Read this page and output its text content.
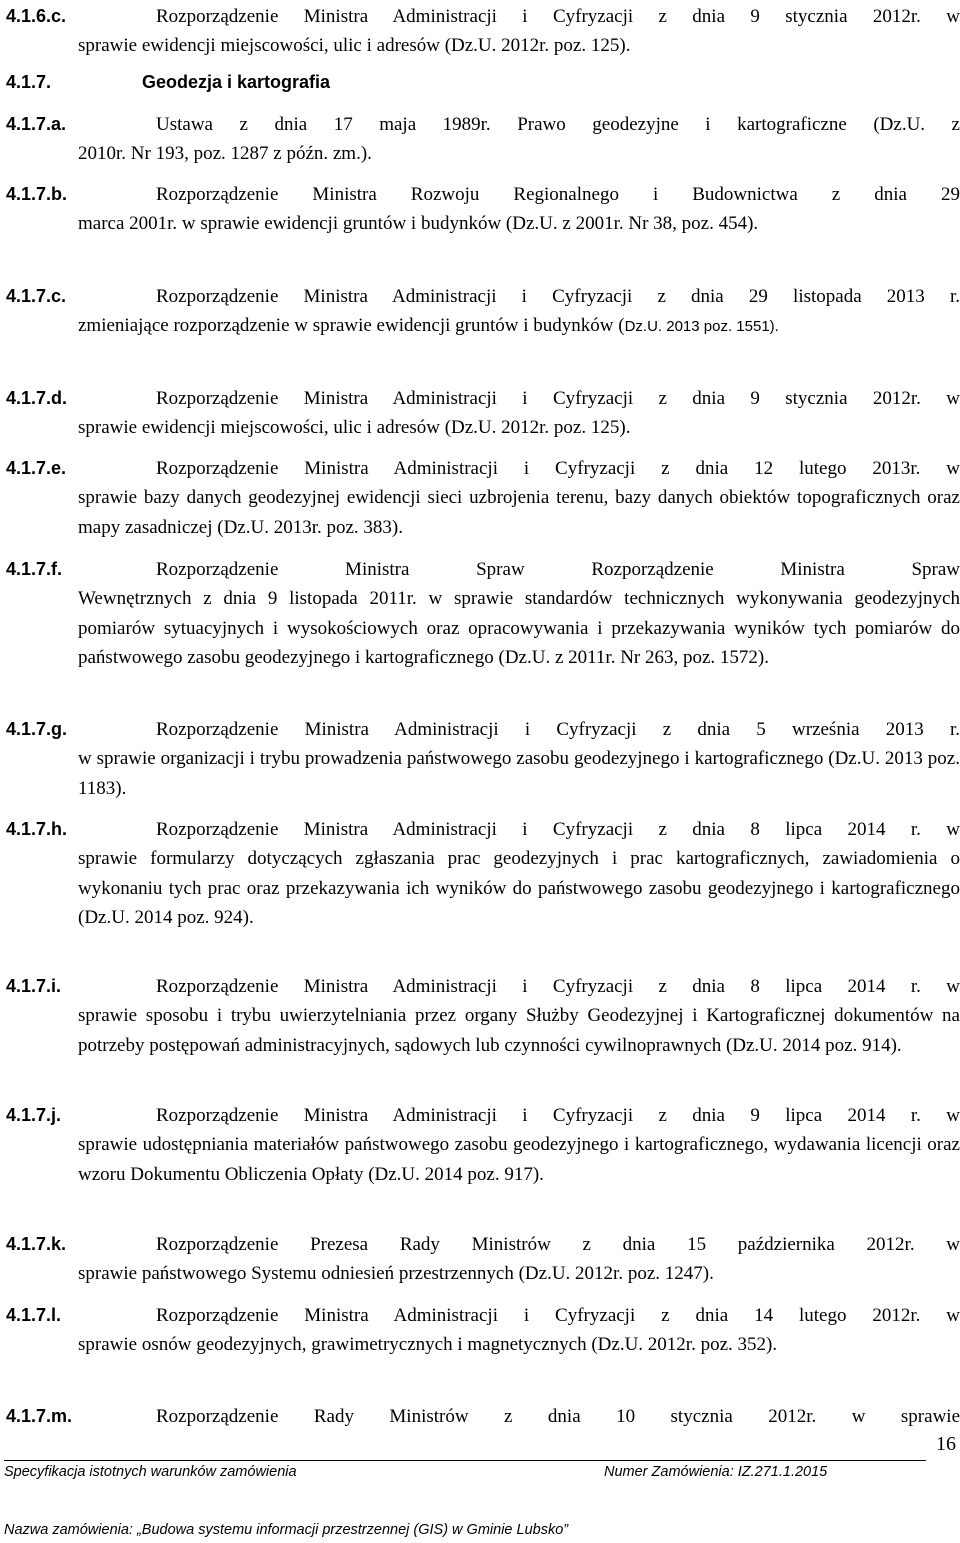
4.1.6.c.	Rozporządzenie Ministra Administracji i Cyfryzacji z dnia 9 stycznia 2012r. w
sprawie ewidencji miejscowości, ulic i adresów (Dz.U. 2012r. poz. 125).
4.1.7.	Geodezja i kartografia
4.1.7.a.	Ustawa z dnia 17 maja 1989r. Prawo geodezyjne i kartograficzne (Dz.U. z
2010r. Nr 193, poz. 1287 z późn. zm.).
4.1.7.b.	Rozporządzenie Ministra Rozwoju Regionalnego i Budownictwa z dnia 29
marca 2001r. w sprawie ewidencji gruntów i budynków (Dz.U. z 2001r. Nr 38, poz. 454).
4.1.7.c.	Rozporządzenie Ministra Administracji i Cyfryzacji z dnia 29 listopada 2013 r.
zmieniające rozporządzenie w sprawie ewidencji gruntów i budynków (Dz.U. 2013 poz. 1551).
4.1.7.d.	Rozporządzenie Ministra Administracji i Cyfryzacji z dnia 9 stycznia 2012r. w
sprawie ewidencji miejscowości, ulic i adresów (Dz.U. 2012r. poz. 125).
4.1.7.e.	Rozporządzenie Ministra Administracji i Cyfryzacji z dnia 12 lutego 2013r. w
sprawie bazy danych geodezyjnej ewidencji sieci uzbrojenia terenu, bazy danych obiektów topograficznych oraz mapy zasadniczej (Dz.U. 2013r. poz. 383).
4.1.7.f.	Rozporządzenie Ministra Spraw Rozporządzenie Ministra Spraw
Wewnętrznych z dnia 9 listopada 2011r. w sprawie standardów technicznych wykonywania geodezyjnych pomiarów sytuacyjnych i wysokościowych oraz opracowywania i przekazywania wyników tych pomiarów do państwowego zasobu geodezyjnego i kartograficznego (Dz.U. z 2011r. Nr 263, poz. 1572).
4.1.7.g.	Rozporządzenie Ministra Administracji i Cyfryzacji z dnia 5 września 2013 r.
w sprawie organizacji i trybu prowadzenia państwowego zasobu geodezyjnego i kartograficznego (Dz.U. 2013 poz. 1183).
4.1.7.h.	Rozporządzenie Ministra Administracji i Cyfryzacji z dnia 8 lipca 2014 r. w
sprawie formularzy dotyczących zgłaszania prac geodezyjnych i prac kartograficznych, zawiadomienia o wykonaniu tych prac oraz przekazywania ich wyników do państwowego zasobu geodezyjnego i kartograficznego (Dz.U. 2014 poz. 924).
4.1.7.i.	Rozporządzenie Ministra Administracji i Cyfryzacji z dnia 8 lipca 2014 r. w
sprawie sposobu i trybu uwierzytelniania przez organy Służby Geodezyjnej i Kartograficznej dokumentów na potrzeby postępowań administracyjnych, sądowych lub czynności cywilnoprawnych (Dz.U. 2014 poz. 914).
4.1.7.j.	Rozporządzenie Ministra Administracji i Cyfryzacji z dnia 9 lipca 2014 r. w
sprawie udostępniania materiałów państwowego zasobu geodezyjnego i kartograficznego, wydawania licencji oraz wzoru Dokumentu Obliczenia Opłaty (Dz.U. 2014 poz. 917).
4.1.7.k.	Rozporządzenie Prezesa Rady Ministrów z dnia 15 października 2012r. w
sprawie państwowego Systemu odniesień przestrzennych (Dz.U. 2012r. poz. 1247).
4.1.7.l.	Rozporządzenie Ministra Administracji i Cyfryzacji z dnia 14 lutego 2012r. w
sprawie osnów geodezyjnych, grawimetrycznych i magnetycznych (Dz.U. 2012r. poz. 352).
4.1.7.m.	Rozporządzenie Rady Ministrów z dnia 10 stycznia 2012r. w sprawie
16
Specyfikacja istotnych warunków zamówienia	Numer Zamówienia: IZ.271.1.2015
Nazwa zamówienia: „Budowa systemu informacji przestrzennej (GIS) w Gminie Lubsko”
